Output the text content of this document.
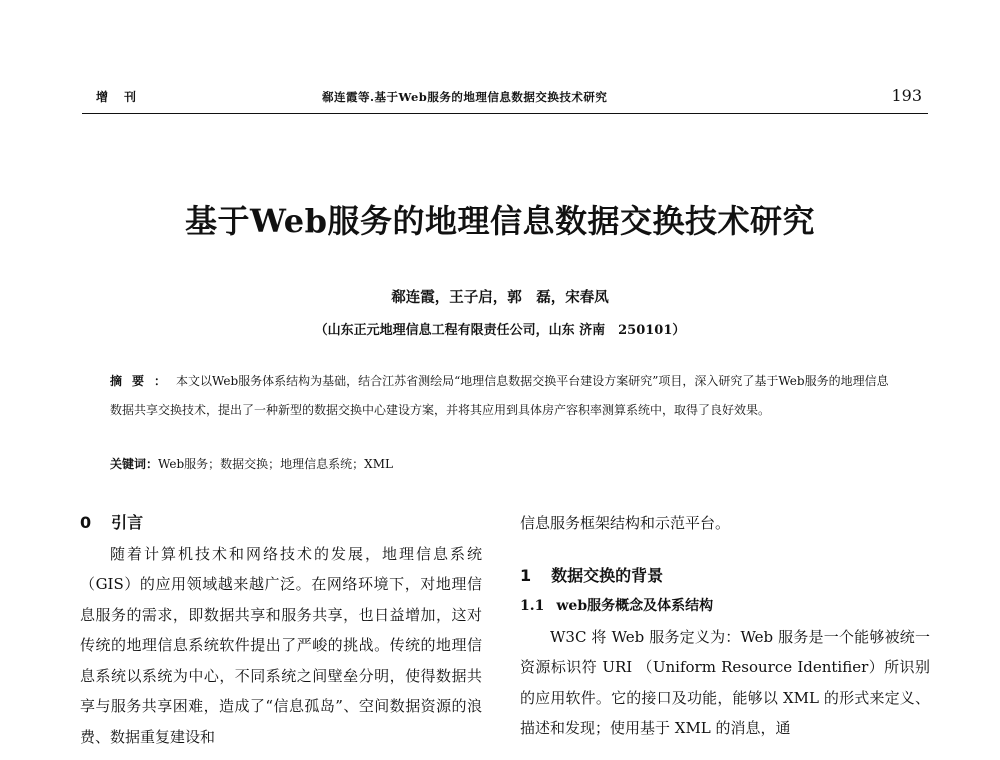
增刊	郗连霞等.基于Web服务的地理信息数据交换技术研究	193
基于Web服务的地理信息数据交换技术研究
郗连霞，王子启，郭　磊，宋春凤
（山东正元地理信息工程有限责任公司，山东 济南　250101）
摘要：本文以Web服务体系结构为基础，结合江苏省测绘局“地理信息数据交换平台建设方案研究”项目，深入研究了基于Web服务的地理信息数据共享交换技术，提出了一种新型的数据交换中心建设方案，并将其应用到具体房产容积率测算系统中，取得了良好效果。
关键词：Web服务；数据交换；地理信息系统；XML
0 引言
随着计算机技术和网络技术的发展，地理信息系统（GIS）的应用领域越来越广泛。在网络环境下，对地理信息服务的需求，即数据共享和服务共享，也日益增加，这对传统的地理信息系统软件提出了严峻的挑战。传统的地理信息系统以系统为中心，不同系统之间壁垒分明，使得数据共享与服务共享困难，造成了“信息孤岛”、空间数据资源的浪费、数据重复建设和
信息服务框架结构和示范平台。
1 数据交换的背景
1.1 web服务概念及体系结构
W3C 将 Web 服务定义为：Web 服务是一个能够被统一资源标识符 URI （Uniform Resource Identifier）所识别的应用软件。它的接口及功能，能够以 XML 的形式来定义、描述和发现；使用基于 XML 的消息，通
